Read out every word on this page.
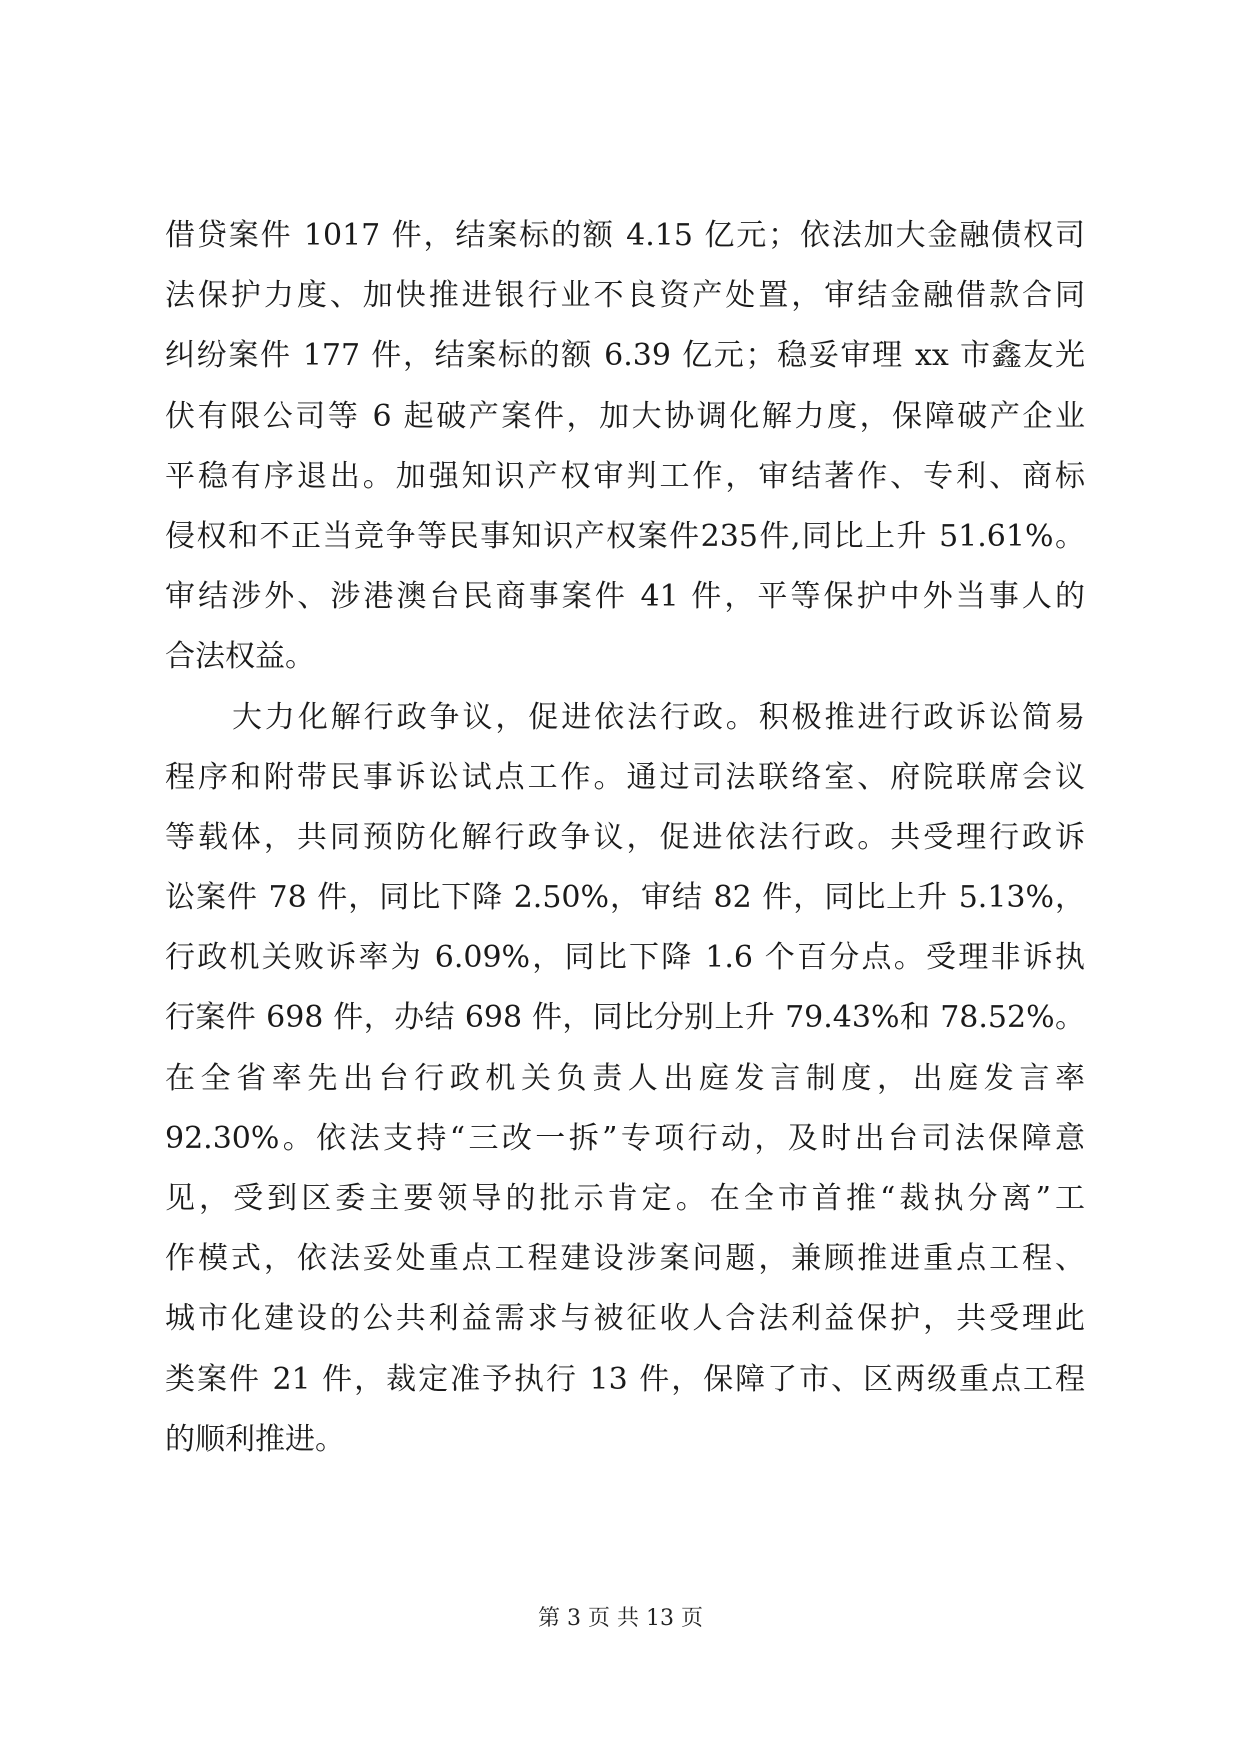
借贷案件 1017 件，结案标的额 4.15 亿元；依法加大金融债权司
法保护力度、加快推进银行业不良资产处置，审结金融借款合同
纠纷案件 177 件，结案标的额 6.39 亿元；稳妥审理 xx 市鑫友光
伏有限公司等 6 起破产案件，加大协调化解力度，保障破产企业
平稳有序退出。加强知识产权审判工作，审结著作、专利、商标
侵权和不正当竞争等民事知识产权案件235件,同比上升 51.61%。
审结涉外、涉港澳台民商事案件 41 件，平等保护中外当事人的
合法权益。
大力化解行政争议，促进依法行政。积极推进行政诉讼简易
程序和附带民事诉讼试点工作。通过司法联络室、府院联席会议
等载体，共同预防化解行政争议，促进依法行政。共受理行政诉
讼案件 78 件，同比下降 2.50%，审结 82 件，同比上升 5.13%，
行政机关败诉率为 6.09%，同比下降 1.6 个百分点。受理非诉执
行案件 698 件，办结 698 件，同比分别上升 79.43%和 78.52%。
在全省率先出台行政机关负责人出庭发言制度，出庭发言率
92.30%。依法支持“三改一拆”专项行动，及时出台司法保障意
见，受到区委主要领导的批示肯定。在全市首推“裁执分离”工
作模式，依法妥处重点工程建设涉案问题，兼顾推进重点工程、
城市化建设的公共利益需求与被征收人合法利益保护，共受理此
类案件 21 件，裁定准予执行 13 件，保障了市、区两级重点工程
的顺利推进。
第 3 页 共 13 页
